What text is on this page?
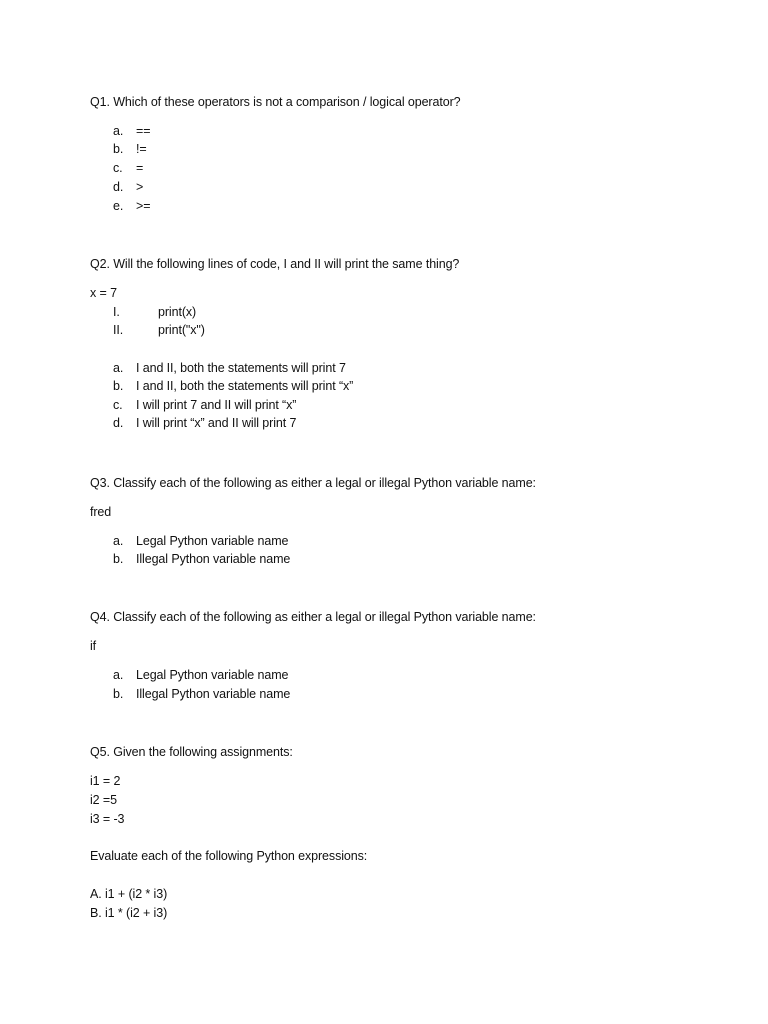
Q1. Which of these operators is not a comparison / logical operator?
a. ==
b. !=
c. =
d. >
e. >=
Q2. Will the following lines of code, I and II will print the same thing?
x = 7
I.	print(x)
II.	print("x")
a. I and II, both the statements will print 7
b. I and II, both the statements will print “x”
c. I will print 7 and II will print “x”
d. I will print “x” and II will print 7
Q3. Classify each of the following as either a legal or illegal Python variable name:
fred
a. Legal Python variable name
b. Illegal Python variable name
Q4. Classify each of the following as either a legal or illegal Python variable name:
if
a. Legal Python variable name
b. Illegal Python variable name
Q5. Given the following assignments:
i1 = 2
i2 =5
i3 = -3
Evaluate each of the following Python expressions:
A. i1 + (i2 * i3)
B. i1 * (i2 + i3)
